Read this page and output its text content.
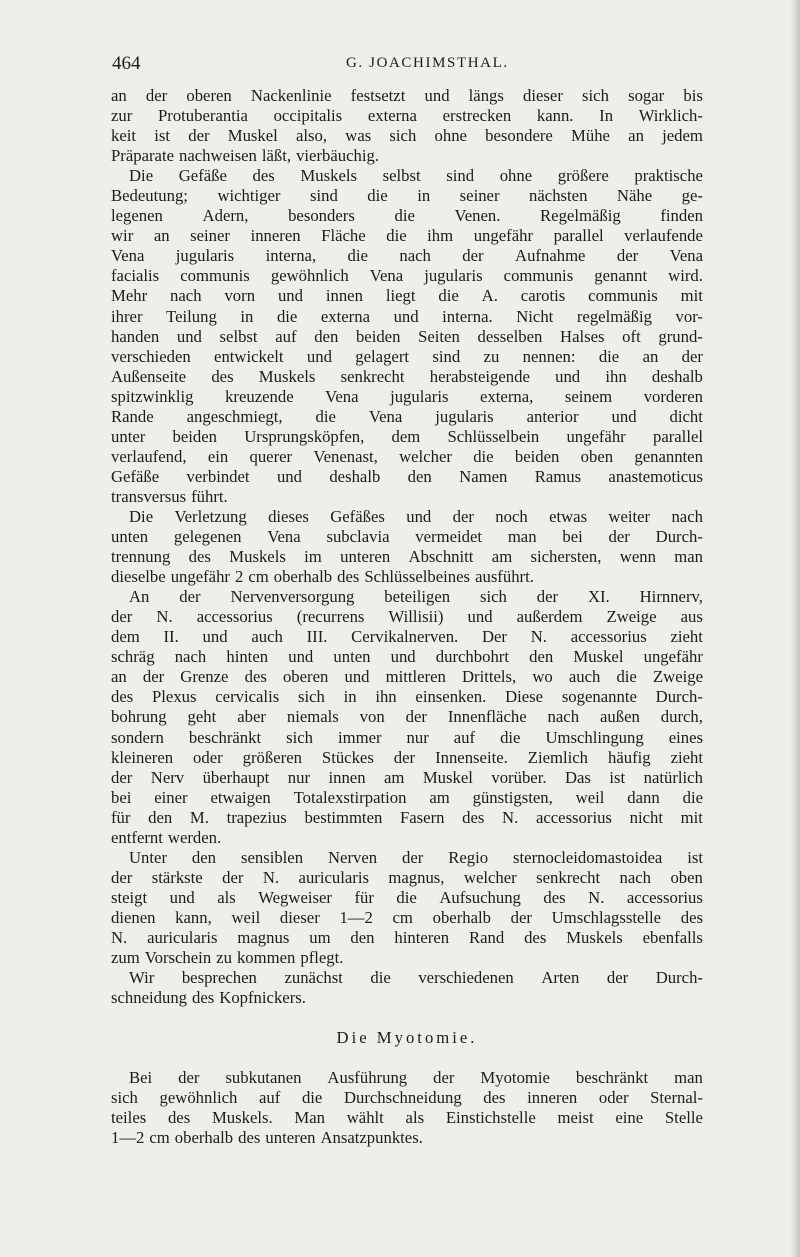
464	G. JOACHIMSTHAL.
an der oberen Nackenlinie festsetzt und längs dieser sich sogar bis
zur Protuberantia occipitalis externa erstrecken kann. In Wirklich-
keit ist der Muskel also, was sich ohne besondere Mühe an jedem
Präparate nachweisen läßt, vierbäuchig.
Die Gefäße des Muskels selbst sind ohne größere praktische
Bedeutung; wichtiger sind die in seiner nächsten Nähe ge-
legenen Adern, besonders die Venen. Regelmäßig finden
wir an seiner inneren Fläche die ihm ungefähr parallel verlaufende
Vena jugularis interna, die nach der Aufnahme der Vena
facialis communis gewöhnlich Vena jugularis communis genannt wird.
Mehr nach vorn und innen liegt die A. carotis communis mit
ihrer Teilung in die externa und interna. Nicht regelmäßig vor-
handen und selbst auf den beiden Seiten desselben Halses oft grund-
verschieden entwickelt und gelagert sind zu nennen: die an der
Außenseite des Muskels senkrecht herabsteigende und ihn deshalb
spitzwinklig kreuzende Vena jugularis externa, seinem vorderen
Rande angeschmiegt, die Vena jugularis anterior und dicht
unter beiden Ursprungsköpfen, dem Schlüsselbein ungefähr parallel
verlaufend, ein querer Venenast, welcher die beiden oben genannten
Gefäße verbindet und deshalb den Namen Ramus anastemoticus
transversus führt.
Die Verletzung dieses Gefäßes und der noch etwas weiter nach
unten gelegenen Vena subclavia vermeidet man bei der Durch-
trennung des Muskels im unteren Abschnitt am sichersten, wenn man
dieselbe ungefähr 2 cm oberhalb des Schlüsselbeines ausführt.
An der Nervenversorgung beteiligen sich der XI. Hirnnerv,
der N. accessorius (recurrens Willisii) und außerdem Zweige aus
dem II. und auch III. Cervikalnerven. Der N. accessorius zieht
schräg nach hinten und unten und durchbohrt den Muskel ungefähr
an der Grenze des oberen und mittleren Drittels, wo auch die Zweige
des Plexus cervicalis sich in ihn einsenken. Diese sogenannte Durch-
bohrung geht aber niemals von der Innenfläche nach außen durch,
sondern beschränkt sich immer nur auf die Umschlingung eines
kleineren oder größeren Stückes der Innenseite. Ziemlich häufig zieht
der Nerv überhaupt nur innen am Muskel vorüber. Das ist natürlich
bei einer etwaigen Totalexstirpation am günstigsten, weil dann die
für den M. trapezius bestimmten Fasern des N. accessorius nicht mit
entfernt werden.
Unter den sensiblen Nerven der Regio sternocleidomastoidea ist
der stärkste der N. auricularis magnus, welcher senkrecht nach oben
steigt und als Wegweiser für die Aufsuchung des N. accessorius
dienen kann, weil dieser 1—2 cm oberhalb der Umschlagsstelle des
N. auricularis magnus um den hinteren Rand des Muskels ebenfalls
zum Vorschein zu kommen pflegt.
Wir besprechen zunächst die verschiedenen Arten der Durch-
schneidung des Kopfnickers.
Die Myotomie.
Bei der subkutanen Ausführung der Myotomie beschränkt man
sich gewöhnlich auf die Durchschneidung des inneren oder Sternal-
teiles des Muskels. Man wählt als Einstichstelle meist eine Stelle
1—2 cm oberhalb des unteren Ansatzpunktes.
